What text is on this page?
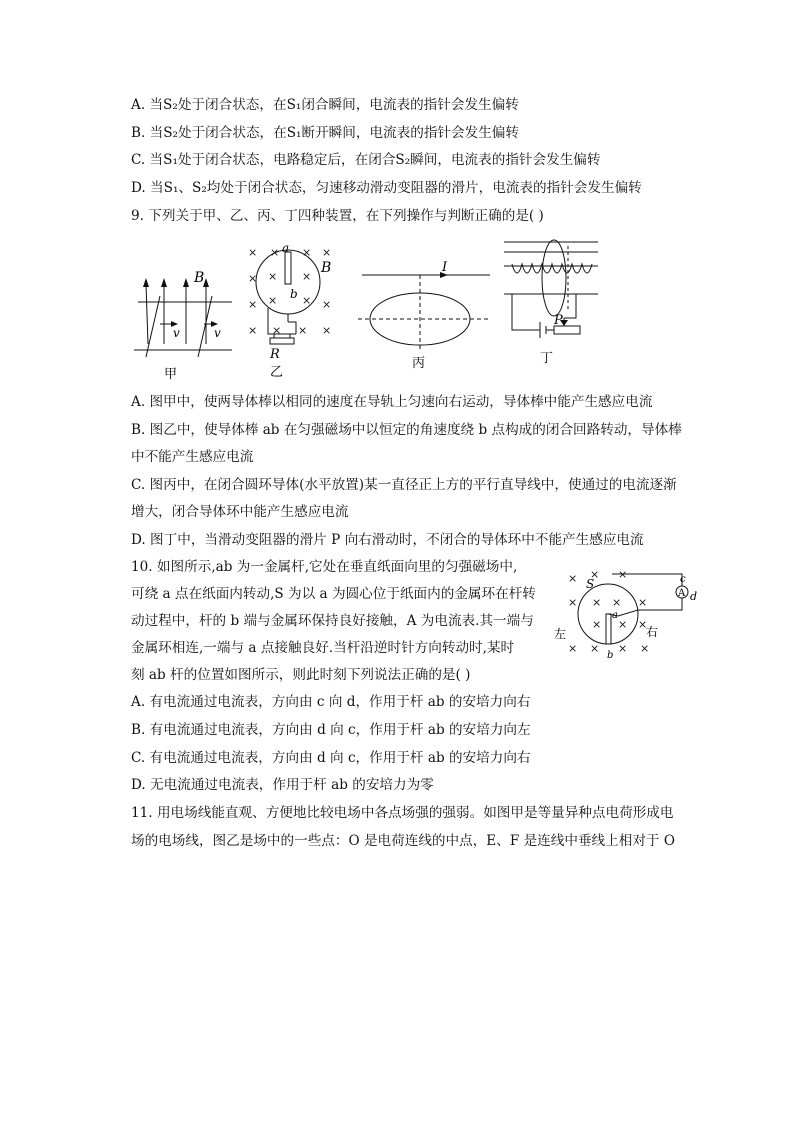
A. 当S₂处于闭合状态，在S₁闭合瞬间，电流表的指针会发生偏转
B. 当S₂处于闭合状态，在S₁断开瞬间，电流表的指针会发生偏转
C. 当S₁处于闭合状态，电路稳定后，在闭合S₂瞬间，电流表的指针会发生偏转
D. 当S₁、S₂均处于闭合状态，匀速移动滑动变阻器的滑片，电流表的指针会发生偏转
9. 下列关于甲、乙、丙、丁四种装置，在下列操作与判断正确的是( )
B
v	v
甲
× × × ×
× × ×
× × × ×
× × × ×
a
b
B
R
乙
I
丙
P
丁
A. 图甲中，使两导体棒以相同的速度在导轨上匀速向右运动，导体棒中能产生感应电流
B. 图乙中，使导体棒 ab 在匀强磁场中以恒定的角速度绕 b 点构成的闭合回路转动，导体棒
中不能产生感应电流
C. 图丙中，在闭合圆环导体(水平放置)某一直径正上方的平行直导线中，使通过的电流逐渐
增大，闭合导体环中能产生感应电流
D. 图丁中，当滑动变阻器的滑片 P 向右滑动时，不闭合的导体环中不能产生感应电流
10. 如图所示,ab 为一金属杆,它处在垂直纸面向里的匀强磁场中,
可绕 a 点在纸面内转动,S 为以 a 为圆心位于纸面内的金属环在杆转
动过程中，杆的 b 端与金属环保持良好接触，A 为电流表.其一端与
金属环相连,一端与 a 点接触良好.当杆沿逆时针方向转动时,某时
刻 ab 杆的位置如图所示，则此时刻下列说法正确的是( )
× × ×
× × × ×
× × ×
× × × ×
A
S	c
d
a
b
左	右
A. 有电流通过电流表，方向由 c 向 d，作用于杆 ab 的安培力向右
B. 有电流通过电流表，方向由 d 向 c，作用于杆 ab 的安培力向左
C. 有电流通过电流表，方向由 d 向 c，作用于杆 ab 的安培力向右
D. 无电流通过电流表，作用于杆 ab 的安培力为零
11. 用电场线能直观、方便地比较电场中各点场强的强弱。如图甲是等量异种点电荷形成电
场的电场线，图乙是场中的一些点：O 是电荷连线的中点，E、F 是连线中垂线上相对于 O
